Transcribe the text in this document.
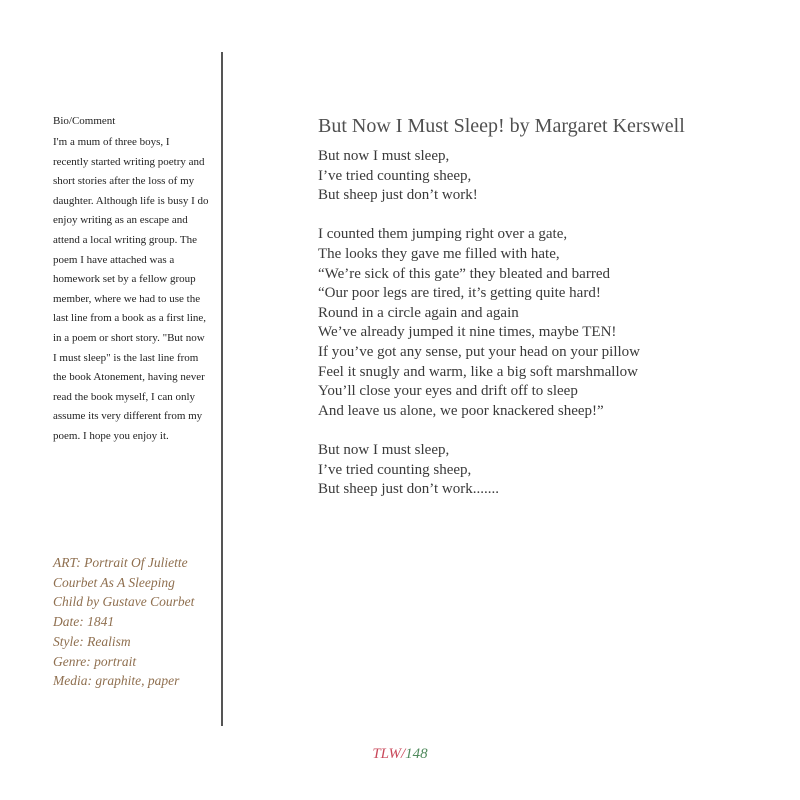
Bio/Comment
I'm a mum of three boys, I
recently started writing poetry and
short stories after the loss of my
daughter. Although life is busy I do
enjoy writing as an escape and
attend a local writing group. The
poem I have attached was a
homework set by a fellow group
member, where we had to use the
last line from a book as a first line,
in a poem or short story. "But now
I must sleep" is the last line from
the book Atonement, having never
read the book myself, I can only
assume its very different from my
poem. I hope you enjoy it.
ART: Portrait Of Juliette
Courbet As A Sleeping
Child by Gustave Courbet
Date: 1841
Style: Realism
Genre: portrait
Media: graphite, paper
But Now I Must Sleep! by Margaret Kerswell
But now I must sleep,
I’ve tried counting sheep,
But sheep just don’t work!
I counted them jumping right over a gate,
The looks they gave me filled with hate,
“We’re sick of this gate” they bleated and barred
“Our poor legs are tired, it’s getting quite hard!
Round in a circle again and again
We’ve already jumped it nine times, maybe TEN!
If you’ve got any sense, put your head on your pillow
Feel it snugly and warm, like a big soft marshmallow
You’ll close your eyes and drift off to sleep
And leave us alone, we poor knackered sheep!”
But now I must sleep,
I’ve tried counting sheep,
But sheep just don’t work.......
TLW/148
